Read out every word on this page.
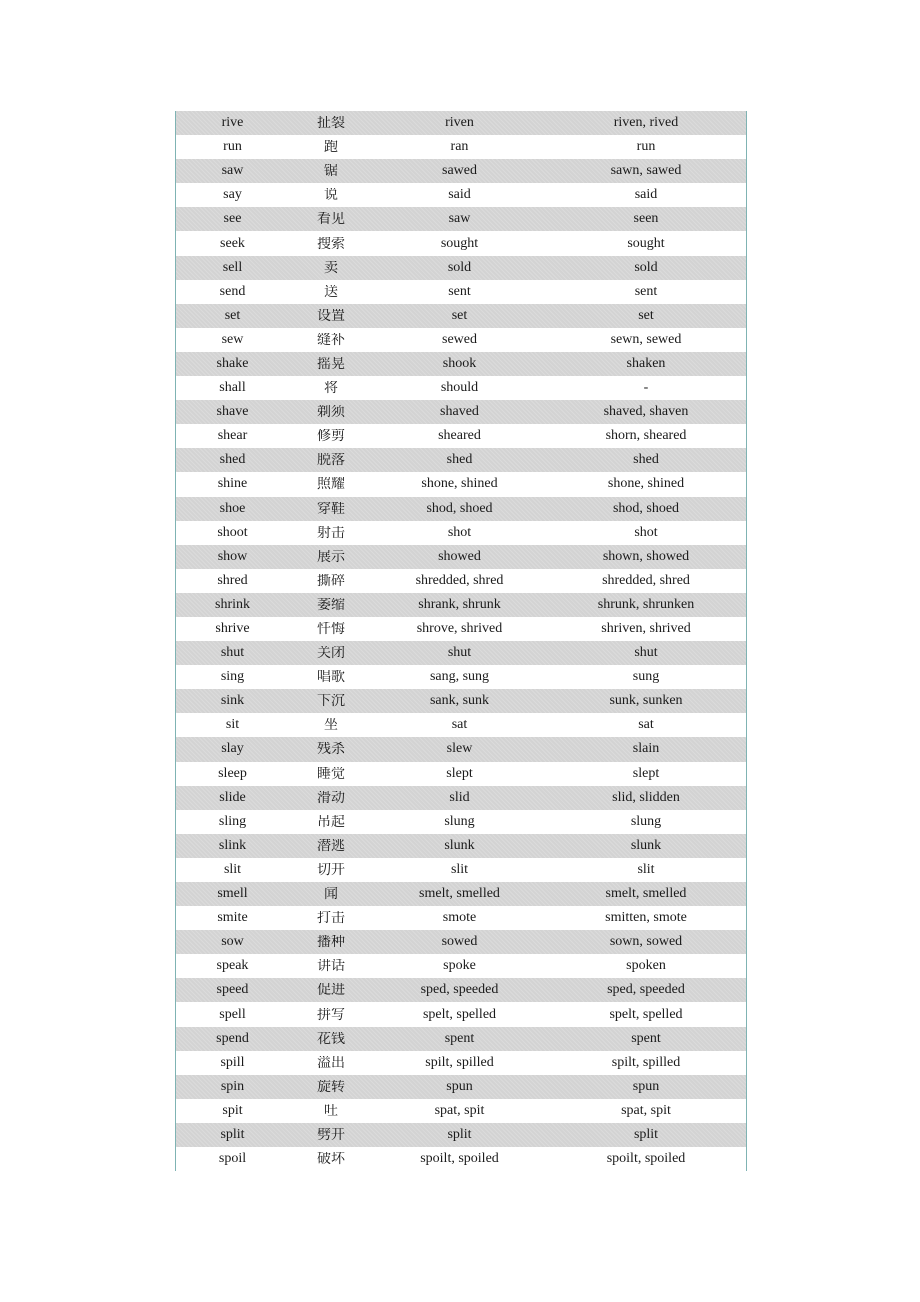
rive	扯裂	riven	riven, rived
run	跑	ran	run
saw	锯	sawed	sawn, sawed
say	说	said	said
see	看见	saw	seen
seek	搜索	sought	sought
sell	卖	sold	sold
send	送	sent	sent
set	设置	set	set
sew	缝补	sewed	sewn, sewed
shake	摇晃	shook	shaken
shall	将	should	-
shave	剃须	shaved	shaved, shaven
shear	修剪	sheared	shorn, sheared
shed	脱落	shed	shed
shine	照耀	shone, shined	shone, shined
shoe	穿鞋	shod, shoed	shod, shoed
shoot	射击	shot	shot
show	展示	showed	shown, showed
shred	撕碎	shredded, shred	shredded, shred
shrink	萎缩	shrank, shrunk	shrunk, shrunken
shrive	忏悔	shrove, shrived	shriven, shrived
shut	关闭	shut	shut
sing	唱歌	sang, sung	sung
sink	下沉	sank, sunk	sunk, sunken
sit	坐	sat	sat
slay	残杀	slew	slain
sleep	睡觉	slept	slept
slide	滑动	slid	slid, slidden
sling	吊起	slung	slung
slink	潜逃	slunk	slunk
slit	切开	slit	slit
smell	闻	smelt, smelled	smelt, smelled
smite	打击	smote	smitten, smote
sow	播种	sowed	sown, sowed
speak	讲话	spoke	spoken
speed	促进	sped, speeded	sped, speeded
spell	拼写	spelt, spelled	spelt, spelled
spend	花钱	spent	spent
spill	溢出	spilt, spilled	spilt, spilled
spin	旋转	spun	spun
spit	吐	spat, spit	spat, spit
split	劈开	split	split
spoil	破坏	spoilt, spoiled	spoilt, spoiled
